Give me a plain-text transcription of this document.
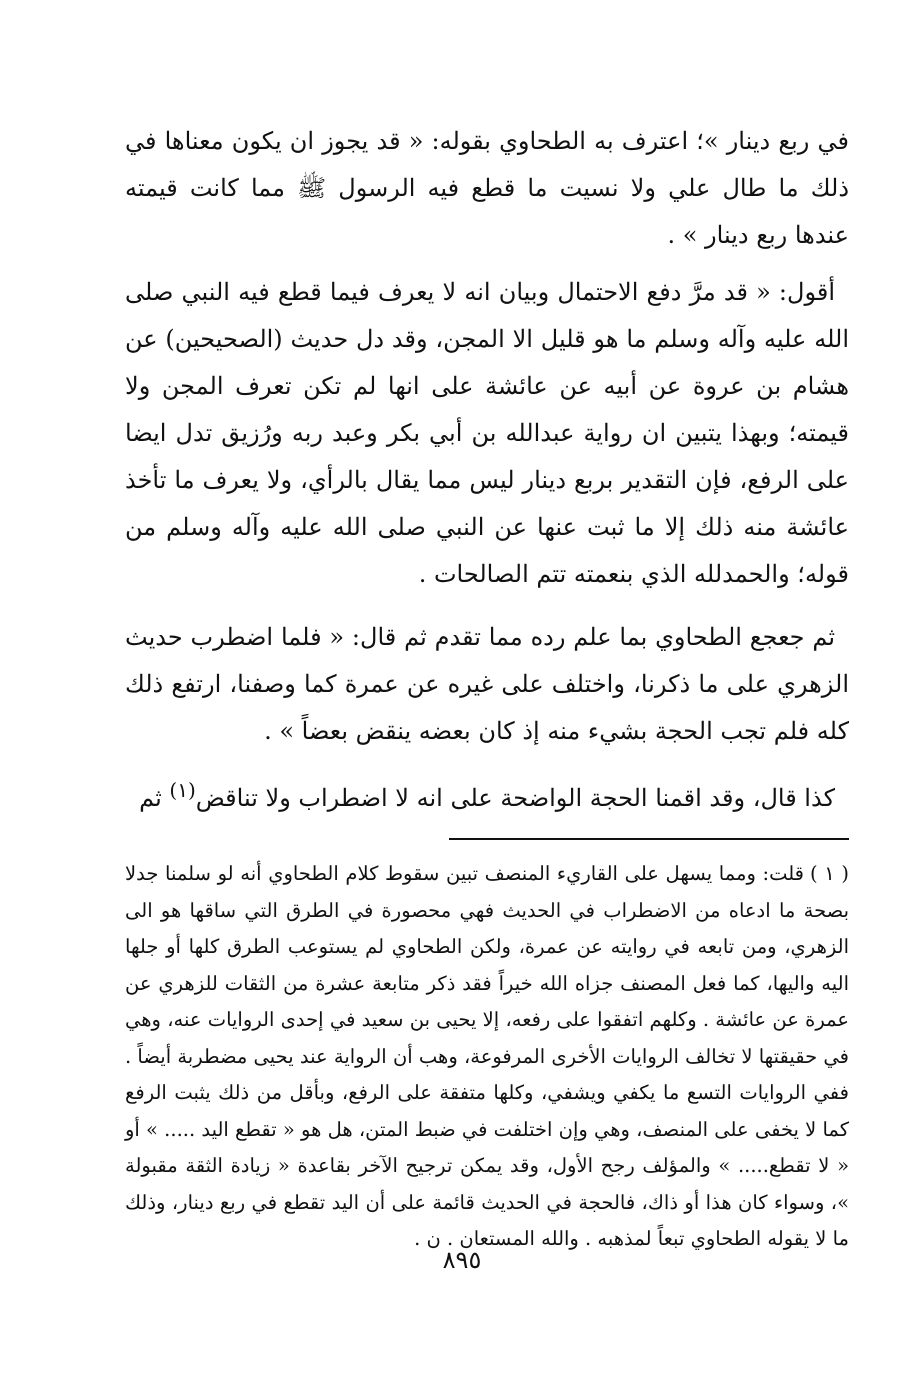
في ربع دينار »؛ اعترف به الطحاوي بقوله: « قد يجوز ان يكون معناها في ذلك ما طال علي ولا نسيت ما قطع فيه الرسول ﷺ مما كانت قيمته عندها ربع دينار » .

أقول: « قد مرَّ دفع الاحتمال وبيان انه لا يعرف فيما قطع فيه النبي صلى الله عليه وآله وسلم ما هو قليل الا المجن، وقد دل حديث (الصحيحين) عن هشام بن عروة عن أبيه عن عائشة على انها لم تكن تعرف المجن ولا قيمته؛ وبهذا يتبين ان رواية عبدالله بن أبي بكر وعبد ربه ورُزيق تدل ايضا على الرفع، فإن التقدير بربع دينار ليس مما يقال بالرأي، ولا يعرف ما تأخذ عائشة منه ذلك إلا ما ثبت عنها عن النبي صلى الله عليه وآله وسلم من قوله؛ والحمدلله الذي بنعمته تتم الصالحات .

ثم جعجع الطحاوي بما علم رده مما تقدم ثم قال: « فلما اضطرب حديث الزهري على ما ذكرنا، واختلف على غيره عن عمرة كما وصفنا، ارتفع ذلك كله فلم تجب الحجة بشيء منه إذ كان بعضه ينقض بعضاً » .

كذا قال، وقد اقمنا الحجة الواضحة على انه لا اضطراب ولا تناقض$^{(١)}$ ثم

( ١ )قلت: ومما يسهل على القاريء المنصف تبين سقوط كلام الطحاوي أنه لو سلمنا جدلا بصحة ما ادعاه من الاضطراب في الحديث فهي محصورة في الطرق التي ساقها هو الى الزهري، ومن تابعه في روايته عن عمرة، ولكن الطحاوي لم يستوعب الطرق كلها أو جلها اليه واليها، كما فعل المصنف جزاه الله خيراً فقد ذكر متابعة عشرة من الثقات للزهري عن عمرة عن عائشة . وكلهم اتفقوا على رفعه، إلا يحيى بن سعيد في إحدى الروايات عنه، وهي في حقيقتها لا تخالف الروايات الأخرى المرفوعة، وهب أن الرواية عند يحيى مضطربة أيضاً . ففي الروايات التسع ما يكفي ويشفي، وكلها متفقة على الرفع، وبأقل من ذلك يثبت الرفع كما لا يخفى على المنصف، وهي وإن اختلفت في ضبط المتن، هل هو « تقطع اليد ..... » أو « لا تقطع..... » والمؤلف رجح الأول، وقد يمكن ترجيح الآخر بقاعدة « زيادة الثقة مقبولة »، وسواء كان هذا أو ذاك، فالحجة في الحديث قائمة على أن اليد تقطع في ربع دينار، وذلك ما لا يقوله الطحاوي تبعاً لمذهبه . والله المستعان . ن .

٨٩٥
